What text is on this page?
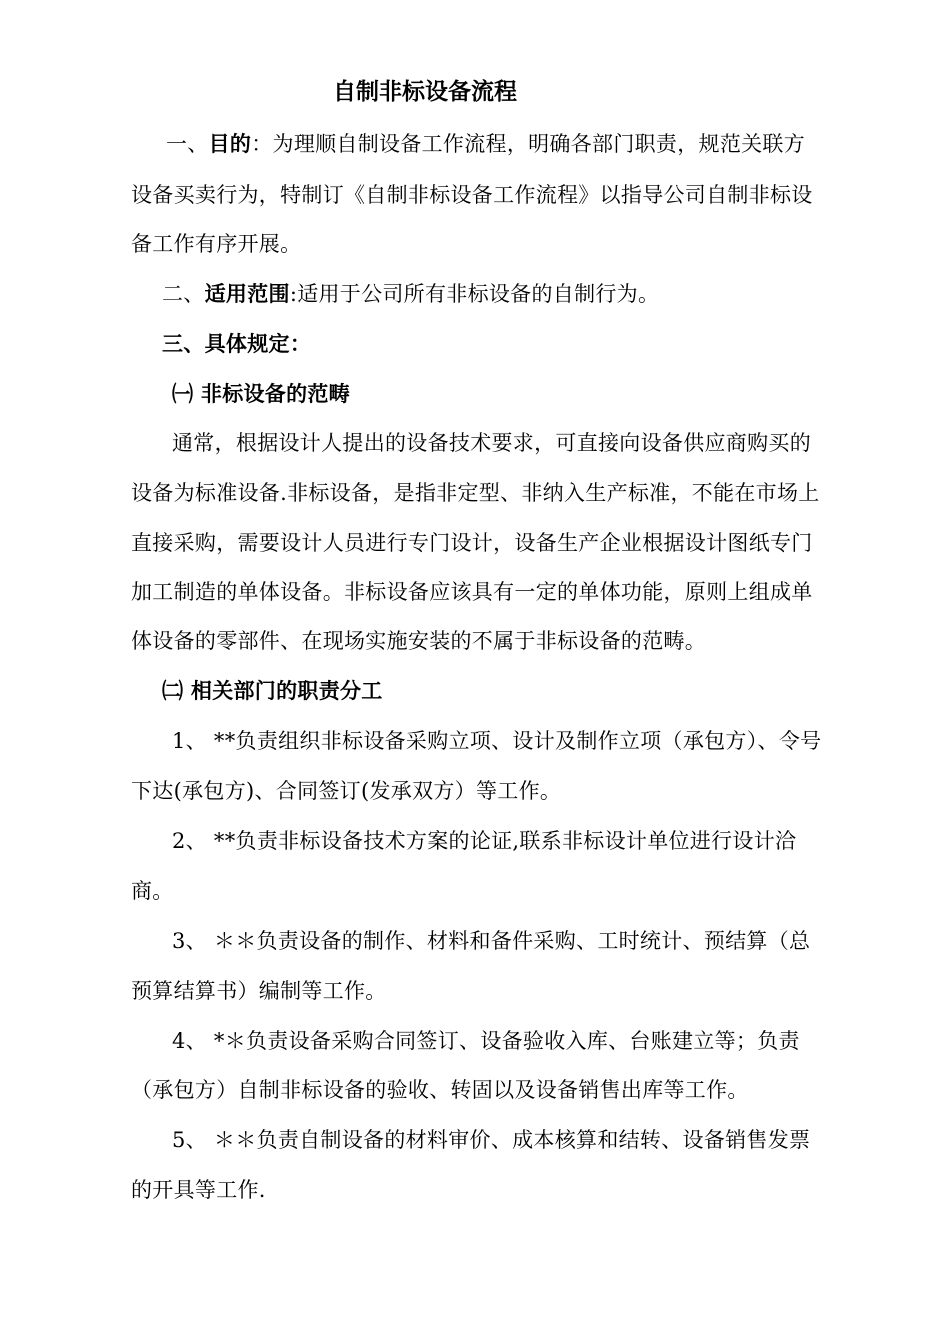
自制非标设备流程
一、目的：为理顺自制设备工作流程，明确各部门职责，规范关联方
设备买卖行为，特制订《自制非标设备工作流程》以指导公司自制非标设
备工作有序开展。
二、适用范围:适用于公司所有非标设备的自制行为。
三、具体规定：
㈠ 非标设备的范畴
通常，根据设计人提出的设备技术要求，可直接向设备供应商购买的
设备为标准设备.非标设备，是指非定型、非纳入生产标准，不能在市场上
直接采购，需要设计人员进行专门设计，设备生产企业根据设计图纸专门
加工制造的单体设备。非标设备应该具有一定的单体功能，原则上组成单
体设备的零部件、在现场实施安装的不属于非标设备的范畴。
㈡ 相关部门的职责分工
1、 **负责组织非标设备采购立项、设计及制作立项（承包方）、令号
下达(承包方)、合同签订(发承双方）等工作。
2、 **负责非标设备技术方案的论证,联系非标设计单位进行设计洽
商。
3、 ＊＊负责设备的制作、材料和备件采购、工时统计、预结算（总
预算结算书）编制等工作。
4、 *＊负责设备采购合同签订、设备验收入库、台账建立等；负责
（承包方）自制非标设备的验收、转固以及设备销售出库等工作。
5、 ＊＊负责自制设备的材料审价、成本核算和结转、设备销售发票
的开具等工作.
